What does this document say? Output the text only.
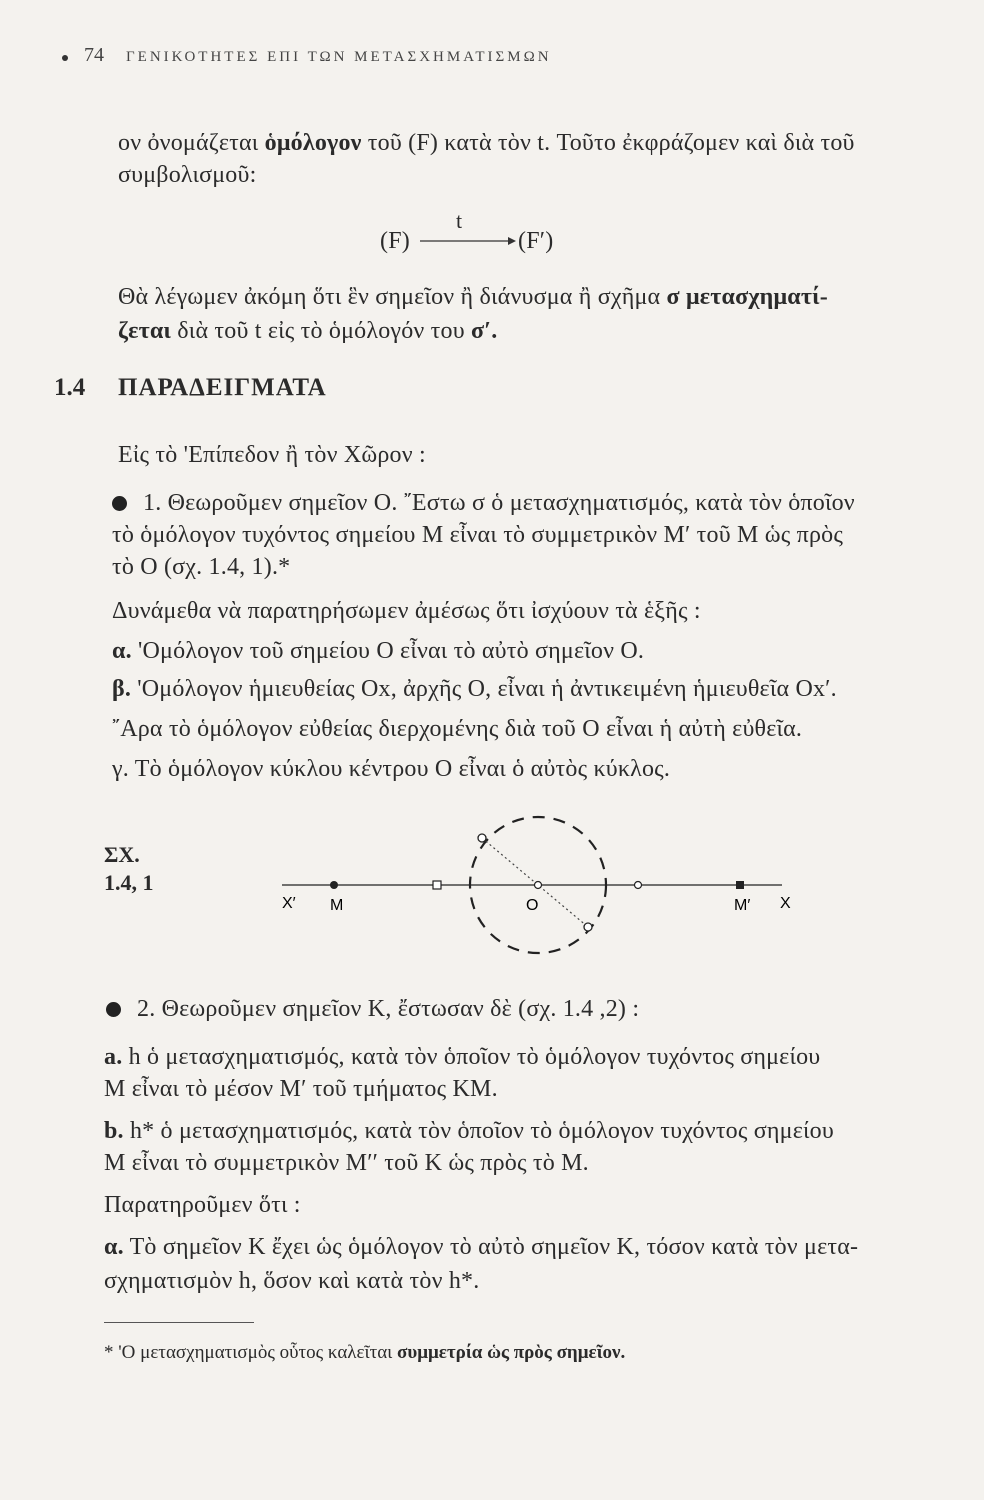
74 ΓΕΝΙΚΟΤΗΤΕΣ ΕΠΙ ΤΩΝ ΜΕΤΑΣΧΗΜΑΤΙΣΜΩΝ
ον ὀνομάζεται ὁμόλογον τοῦ (F) κατὰ τὸν t. Τοῦτο ἐκφράζομεν καὶ διὰ τοῦ
συμβολισμοῦ:
(F)
t
(F′)
Θὰ λέγωμεν ἀκόμη ὅτι ἓν σημεῖον ἢ διάνυσμα ἢ σχῆμα σ μετασχηματί-
ζεται διὰ τοῦ t εἰς τὸ ὁμόλογόν του σ′.
1.4 ΠΑΡΑΔΕΙΓΜΑΤΑ
Εἰς τὸ 'Επίπεδον ἢ τὸν Χῶρον :
1. Θεωροῦμεν σημεῖον Ο. ῎Εστω σ ὁ μετασχηματισμός, κατὰ τὸν ὁποῖον
τὸ ὁμόλογον τυχόντος σημείου Μ εἶναι τὸ συμμετρικὸν Μ′ τοῦ Μ ὡς πρὸς
τὸ Ο (σχ. 1.4, 1).*
Δυνάμεθα νὰ παρατηρήσωμεν ἀμέσως ὅτι ἰσχύουν τὰ ἑξῆς :
α. 'Ομόλογον τοῦ σημείου Ο εἶναι τὸ αὐτὸ σημεῖον Ο.
β. 'Ομόλογον ἡμιευθείας Οx, ἀρχῆς Ο, εἶναι ἡ ἀντικειμένη ἡμιευθεῖα Οx′.
῎Αρα τὸ ὁμόλογον εὐθείας διερχομένης διὰ τοῦ Ο εἶναι ἡ αὐτὴ εὐθεῖα.
γ. Τὸ ὁμόλογον κύκλου κέντρου Ο εἶναι ὁ αὐτὸς κύκλος.
ΣΧ.
1.4, 1
X′ M	O	M′ X
2. Θεωροῦμεν σημεῖον Κ, ἔστωσαν δὲ (σχ. 1.4 ,2) :
a. h ὁ μετασχηματισμός, κατὰ τὸν ὁποῖον τὸ ὁμόλογον τυχόντος σημείου
Μ εἶναι τὸ μέσον Μ′ τοῦ τμήματος ΚΜ.
b. h* ὁ μετασχηματισμός, κατὰ τὸν ὁποῖον τὸ ὁμόλογον τυχόντος σημείου
Μ εἶναι τὸ συμμετρικὸν Μ′′ τοῦ Κ ὡς πρὸς τὸ Μ.
Παρατηροῦμεν ὅτι :
α. Τὸ σημεῖον Κ ἔχει ὡς ὁμόλογον τὸ αὐτὸ σημεῖον Κ, τόσον κατὰ τὸν μετα-
σχηματισμὸν h, ὅσον καὶ κατὰ τὸν h*.
* 'Ο μετασχηματισμὸς οὗτος καλεῖται συμμετρία ὡς πρὸς σημεῖον.
